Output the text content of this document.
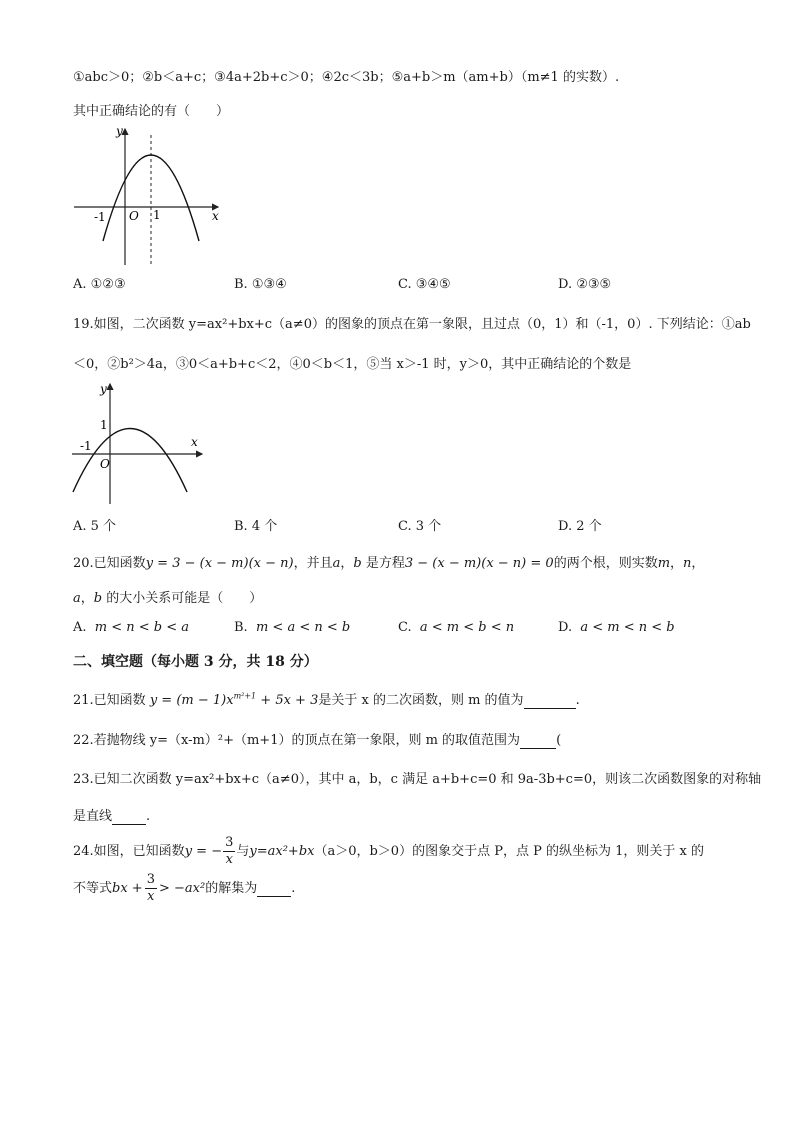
①abc＞0；②b＜a+c；③4a+2b+c＞0；④2c＜3b；⑤a+b＞m（am+b）（m≠1 的实数）.
其中正确结论的有（　　）
y
x
O
-1	1
A. ①②③	B. ①③④	C. ③④⑤	D. ②③⑤
19.如图，二次函数 y=ax²+bx+c（a≠0）的图象的顶点在第一象限，且过点（0，1）和（-1，0）. 下列结论：①ab
＜0，②b²＞4a，③0＜a+b+c＜2，④0＜b＜1，⑤当 x＞-1 时，y＞0，其中正确结论的个数是
y
x
O
-1
1
A. 5 个	B. 4 个	C. 3 个	D. 2 个
20.已知函数y = 3 − (x − m)(x − n)，并且a，b 是方程3 − (x − m)(x − n) = 0的两个根，则实数m，n，
a，b 的大小关系可能是（　　）
A. m < n < b < a	B. m < a < n < b	C. a < m < b < n	D. a < m < n < b
二、填空题（每小题 3 分，共 18 分）
21.已知函数 $y = (m - 1)x^{m^2+1} + 5x + 3$是关于 x 的二次函数，则 m 的值为	.
22.若抛物线 y=（x-m）²+（m+1）的顶点在第一象限，则 m 的取值范围为	(
23.已知二次函数 y=ax²+bx+c（a≠0），其中 a，b，c 满足 a+b+c=0 和 9a-3b+c=0，则该二次函数图象的对称轴
是直线	.
24.如图，已知函数y = − $\frac{3}{x}$ 与y=ax²+bx（a＞0，b＞0）的图象交于点 P，点 P 的纵坐标为 1，则关于 x 的
不等式bx + $\frac{3}{x} > -ax^2$的解集为	.
